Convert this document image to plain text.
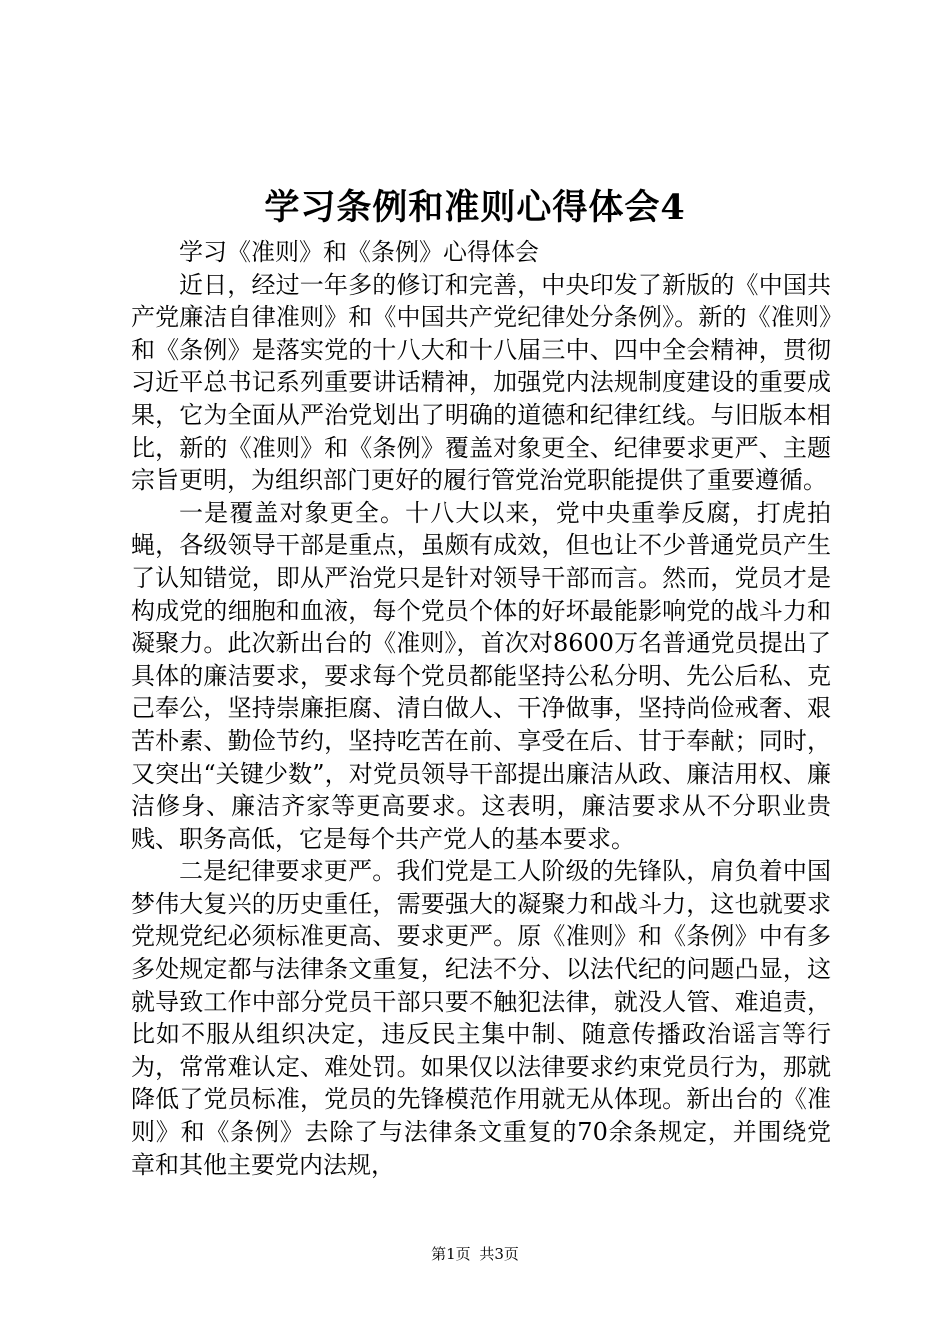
学习条例和准则心得体会4
学习《准则》和《条例》心得体会

近日，经过一年多的修订和完善，中央印发了新版的《中国共产党廉洁自律准则》和《中国共产党纪律处分条例》。新的《准则》和《条例》是落实党的十八大和十八届三中、四中全会精神，贯彻习近平总书记系列重要讲话精神，加强党内法规制度建设的重要成果，它为全面从严治党划出了明确的道德和纪律红线。与旧版本相比，新的《准则》和《条例》覆盖对象更全、纪律要求更严、主题宗旨更明，为组织部门更好的履行管党治党职能提供了重要遵循。

一是覆盖对象更全。十八大以来，党中央重拳反腐，打虎拍蝇，各级领导干部是重点，虽颇有成效，但也让不少普通党员产生了认知错觉，即从严治党只是针对领导干部而言。然而，党员才是构成党的细胞和血液，每个党员个体的好坏最能影响党的战斗力和凝聚力。此次新出台的《准则》，首次对8600万名普通党员提出了具体的廉洁要求，要求每个党员都能坚持公私分明、先公后私、克己奉公，坚持崇廉拒腐、清白做人、干净做事，坚持尚俭戒奢、艰苦朴素、勤俭节约，坚持吃苦在前、享受在后、甘于奉献；同时，又突出“关键少数”，对党员领导干部提出廉洁从政、廉洁用权、廉洁修身、廉洁齐家等更高要求。这表明，廉洁要求从不分职业贵贱、职务高低，它是每个共产党人的基本要求。

二是纪律要求更严。我们党是工人阶级的先锋队，肩负着中国梦伟大复兴的历史重任，需要强大的凝聚力和战斗力，这也就要求党规党纪必须标准更高、要求更严。原《准则》和《条例》中有多多处规定都与法律条文重复，纪法不分、以法代纪的问题凸显，这就导致工作中部分党员干部只要不触犯法律，就没人管、难追责，比如不服从组织决定，违反民主集中制、随意传播政治谣言等行为，常常难认定、难处罚。如果仅以法律要求约束党员行为，那就降低了党员标准，党员的先锋模范作用就无从体现。新出台的《准则》和《条例》去除了与法律条文重复的70余条规定，并围绕党章和其他主要党内法规，

第1页 共3页
